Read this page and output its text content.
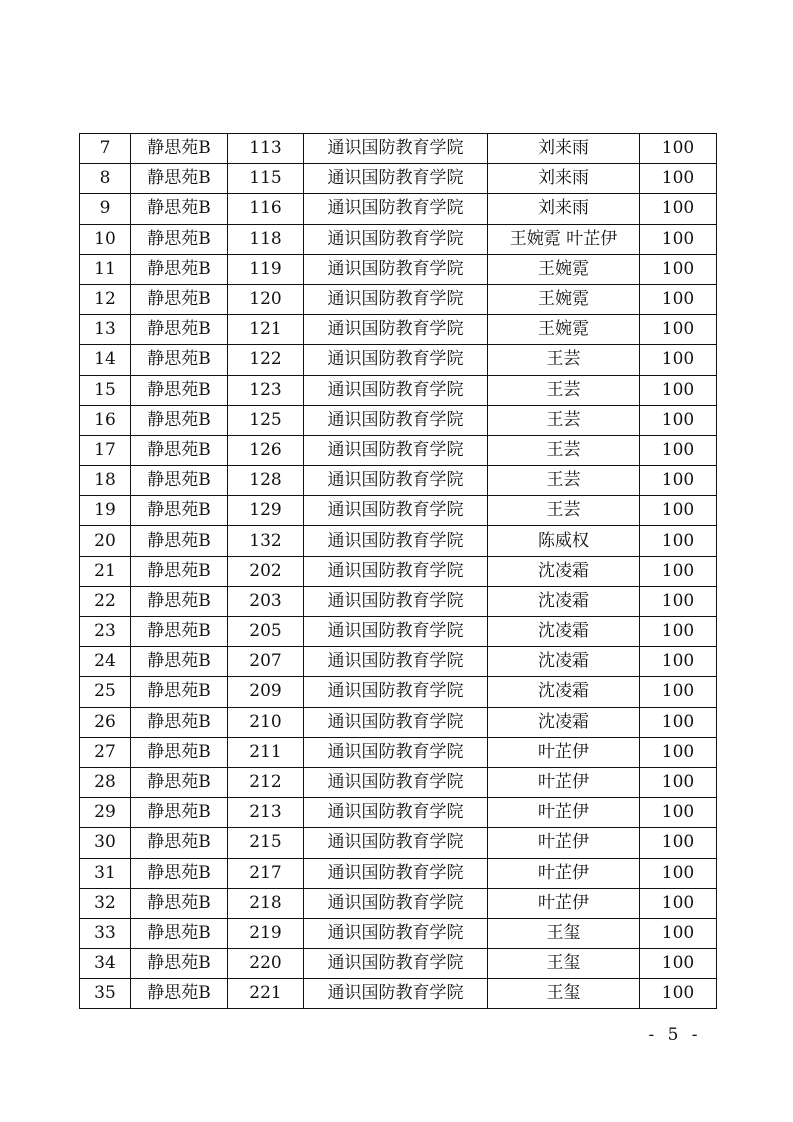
7	静思苑B	113	通识国防教育学院	刘来雨	100
8	静思苑B	115	通识国防教育学院	刘来雨	100
9	静思苑B	116	通识国防教育学院	刘来雨	100
10	静思苑B	118	通识国防教育学院	王婉霓 叶芷伊	100
11	静思苑B	119	通识国防教育学院	王婉霓	100
12	静思苑B	120	通识国防教育学院	王婉霓	100
13	静思苑B	121	通识国防教育学院	王婉霓	100
14	静思苑B	122	通识国防教育学院	王芸	100
15	静思苑B	123	通识国防教育学院	王芸	100
16	静思苑B	125	通识国防教育学院	王芸	100
17	静思苑B	126	通识国防教育学院	王芸	100
18	静思苑B	128	通识国防教育学院	王芸	100
19	静思苑B	129	通识国防教育学院	王芸	100
20	静思苑B	132	通识国防教育学院	陈威权	100
21	静思苑B	202	通识国防教育学院	沈凌霜	100
22	静思苑B	203	通识国防教育学院	沈凌霜	100
23	静思苑B	205	通识国防教育学院	沈凌霜	100
24	静思苑B	207	通识国防教育学院	沈凌霜	100
25	静思苑B	209	通识国防教育学院	沈凌霜	100
26	静思苑B	210	通识国防教育学院	沈凌霜	100
27	静思苑B	211	通识国防教育学院	叶芷伊	100
28	静思苑B	212	通识国防教育学院	叶芷伊	100
29	静思苑B	213	通识国防教育学院	叶芷伊	100
30	静思苑B	215	通识国防教育学院	叶芷伊	100
31	静思苑B	217	通识国防教育学院	叶芷伊	100
32	静思苑B	218	通识国防教育学院	叶芷伊	100
33	静思苑B	219	通识国防教育学院	王玺	100
34	静思苑B	220	通识国防教育学院	王玺	100
35	静思苑B	221	通识国防教育学院	王玺	100
- 5 -
